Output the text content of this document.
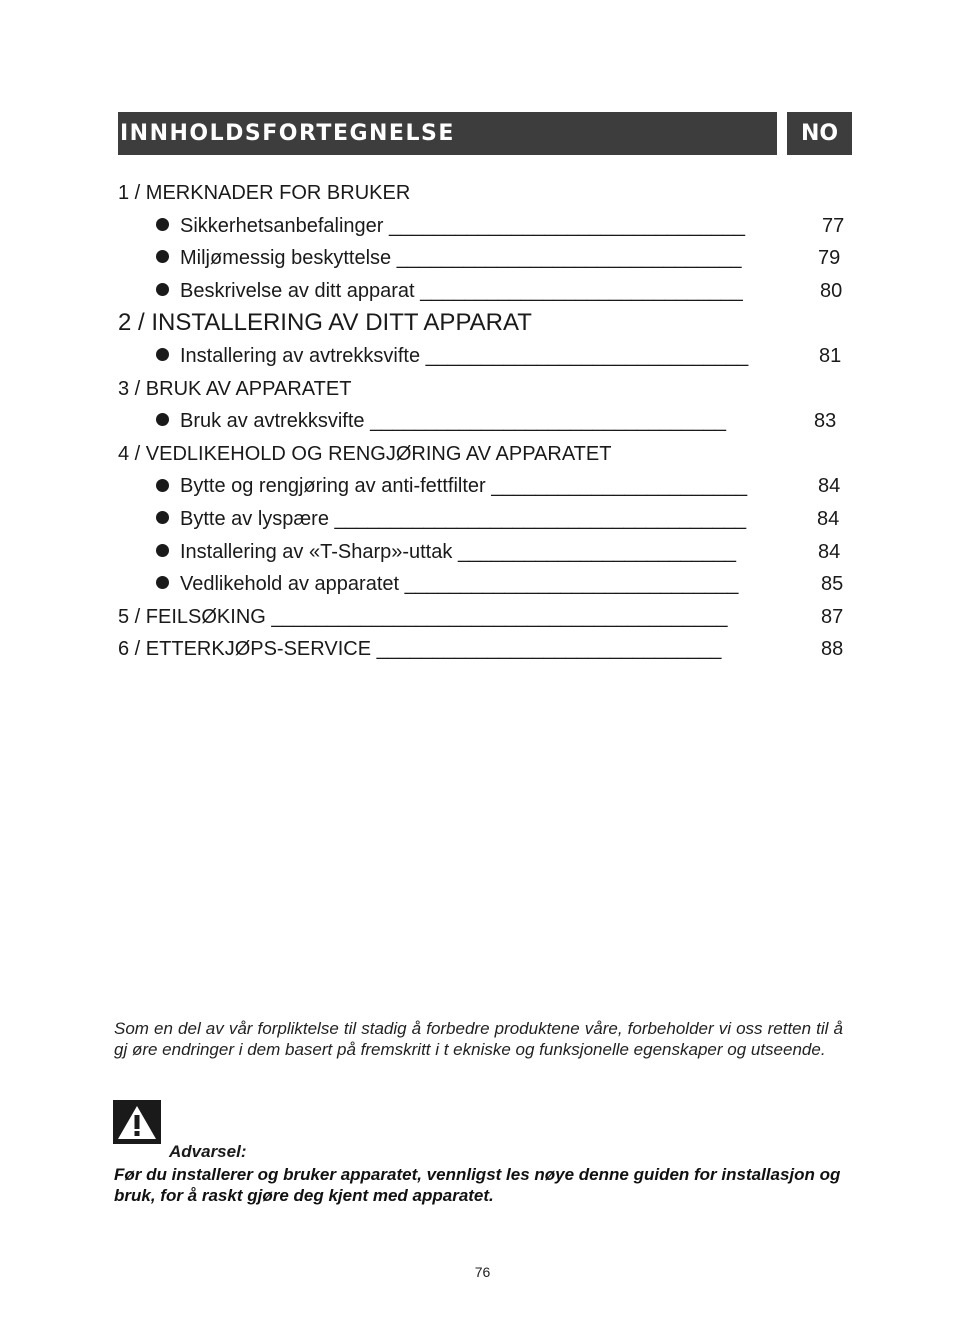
INNHOLDSFORTEGNELSE	NO
1 / MERKNADER FOR BRUKER
Sikkerhetsanbefalinger ________________________________	77
Miljømessig beskyttelse _______________________________	79
Beskrivelse av ditt apparat _____________________________	80
2 / INSTALLERING AV DITT APPARAT
Installering av avtrekksvifte _____________________________	81
3 / BRUK AV APPARATET
Bruk av avtrekksvifte ________________________________	83
4 / VEDLIKEHOLD OG RENGJØRING AV APPARATET
Bytte og rengjøring av anti-fettfilter _______________________	84
Bytte av lyspære _____________________________________	84
Installering av «T-Sharp»-uttak _________________________	84
Vedlikehold av apparatet ______________________________	85
5 / FEILSØKING _________________________________________	87
6 / ETTERKJØPS-SERVICE _______________________________	88
Som en del av vår forpliktelse til stadig å forbedre produktene våre, forbeholder vi oss retten til å gj øre endringer i dem basert på fremskritt i t ekniske og funksjonelle egenskaper og utseende.
Advarsel:
Før du installerer og bruker apparatet, vennligst les nøye denne guiden for installasjon og bruk, for å raskt gjøre deg kjent med apparatet.
76
